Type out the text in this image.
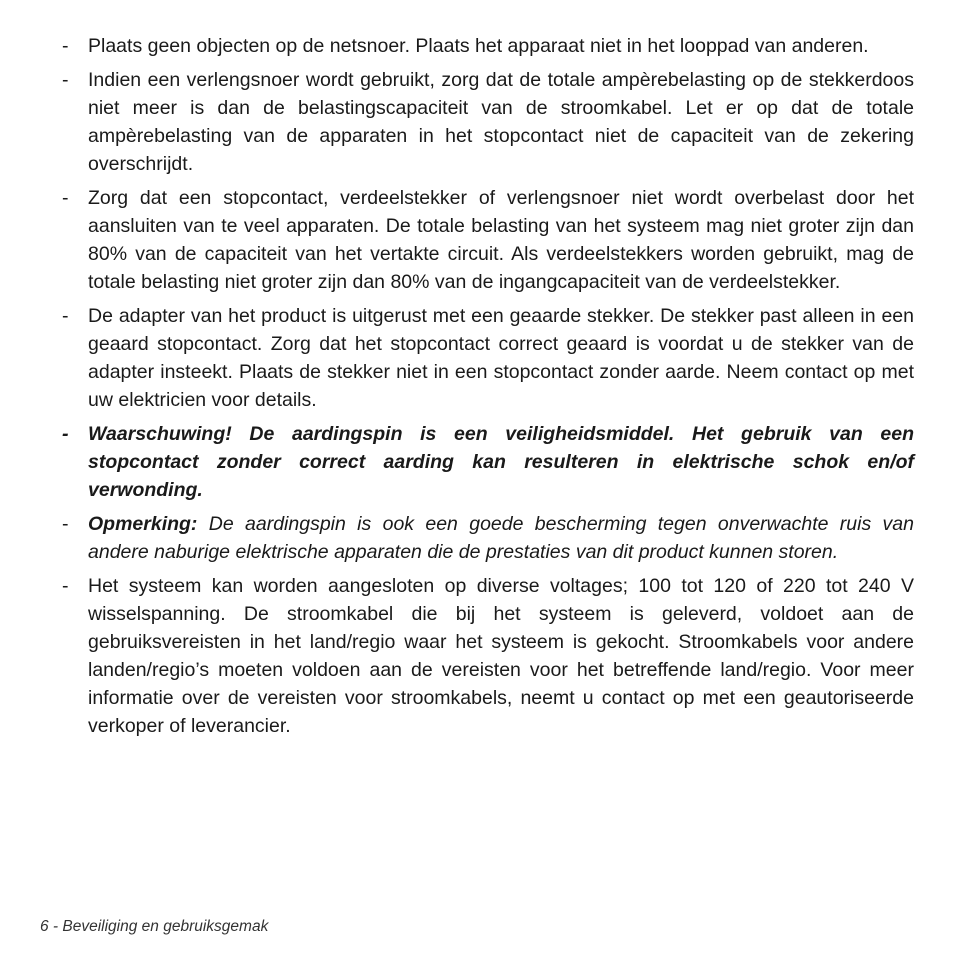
-	Plaats geen objecten op de netsnoer. Plaats het apparaat niet in het looppad van anderen.
-	Indien een verlengsnoer wordt gebruikt, zorg dat de totale ampèrebelasting op de stekkerdoos niet meer is dan de belastingscapaciteit van de stroomkabel. Let er op dat de totale ampèrebelasting van de apparaten in het stopcontact niet de capaciteit van de zekering overschrijdt.
-	Zorg dat een stopcontact, verdeelstekker of verlengsnoer niet wordt overbelast door het aansluiten van te veel apparaten. De totale belasting van het systeem mag niet groter zijn dan 80% van de capaciteit van het vertakte circuit. Als verdeelstekkers worden gebruikt, mag de totale belasting niet groter zijn dan 80% van de ingangcapaciteit van de verdeelstekker.
-	De adapter van het product is uitgerust met een geaarde stekker. De stekker past alleen in een geaard stopcontact. Zorg dat het stopcontact correct geaard is voordat u de stekker van de adapter insteekt. Plaats de stekker niet in een stopcontact zonder aarde. Neem contact op met uw elektricien voor details.
-	Waarschuwing! De aardingspin is een veiligheidsmiddel. Het gebruik van een stopcontact zonder correct aarding kan resulteren in elektrische schok en/of verwonding.
-	Opmerking: De aardingspin is ook een goede bescherming tegen onverwachte ruis van andere naburige elektrische apparaten die de prestaties van dit product kunnen storen.
-	Het systeem kan worden aangesloten op diverse voltages; 100 tot 120 of 220 tot 240 V wisselspanning. De stroomkabel die bij het systeem is geleverd, voldoet aan de gebruiksvereisten in het land/regio waar het systeem is gekocht. Stroomkabels voor andere landen/regio’s moeten voldoen aan de vereisten voor het betreffende land/regio. Voor meer informatie over de vereisten voor stroomkabels, neemt u contact op met een geautoriseerde verkoper of leverancier.
6 - Beveiliging en gebruiksgemak
